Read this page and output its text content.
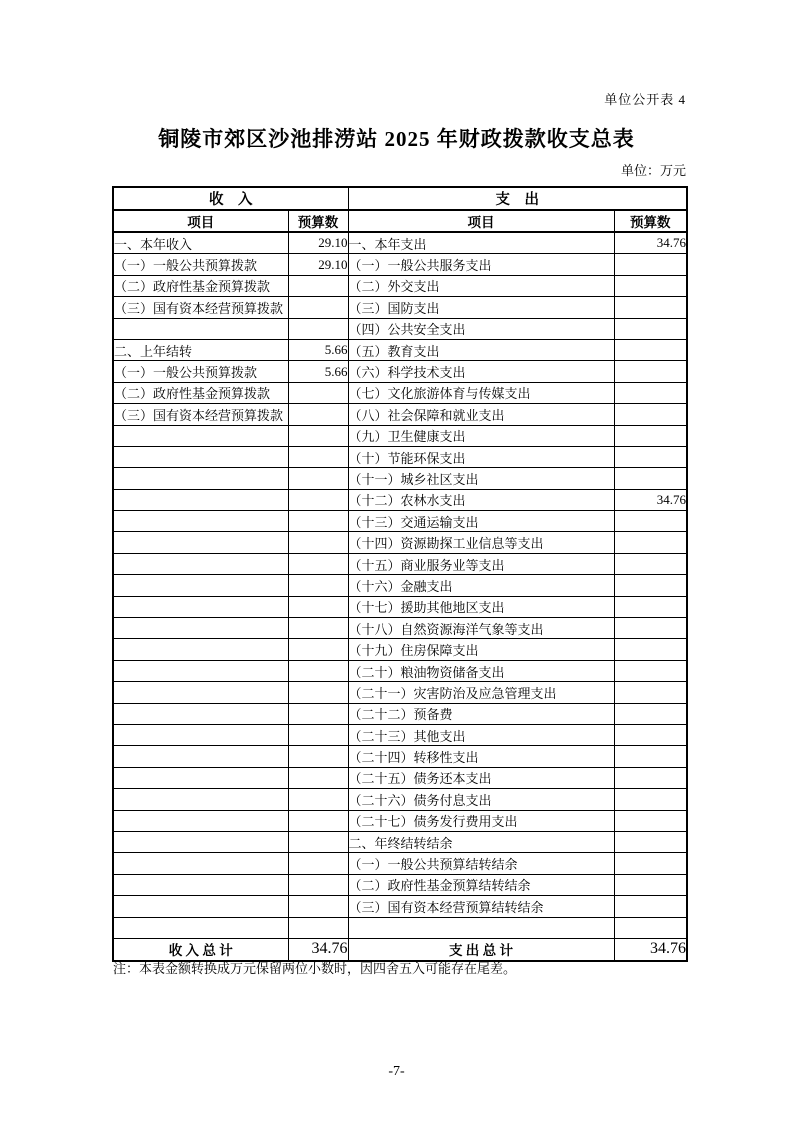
单位公开表 4
铜陵市郊区沙池排涝站 2025 年财政拨款收支总表
单位：万元
收　入		支　出	
项目	预算数	项目	预算数
一、本年收入	29.10	一、本年支出	34.76
（一）一般公共预算拨款	29.10	（一）一般公共服务支出	
（二）政府性基金预算拨款		（二）外交支出	
（三）国有资本经营预算拨款		（三）国防支出	
		（四）公共安全支出	
二、上年结转	5.66	（五）教育支出	
（一）一般公共预算拨款	5.66	（六）科学技术支出	
（二）政府性基金预算拨款		（七）文化旅游体育与传媒支出	
（三）国有资本经营预算拨款		（八）社会保障和就业支出	
		（九）卫生健康支出	
		（十）节能环保支出	
		（十一）城乡社区支出	
		（十二）农林水支出	34.76
		（十三）交通运输支出	
		（十四）资源勘探工业信息等支出	
		（十五）商业服务业等支出	
		（十六）金融支出	
		（十七）援助其他地区支出	
		（十八）自然资源海洋气象等支出	
		（十九）住房保障支出	
		（二十）粮油物资储备支出	
		（二十一）灾害防治及应急管理支出	
		（二十二）预备费	
		（二十三）其他支出	
		（二十四）转移性支出	
		（二十五）债务还本支出	
		（二十六）债务付息支出	
		（二十七）债务发行费用支出	
		二、年终结转结余	
		（一）一般公共预算结转结余	
		（二）政府性基金预算结转结余	
		（三）国有资本经营预算结转结余	

收 入 总 计	34.76	支 出 总 计	34.76
注：本表金额转换成万元保留两位小数时，因四舍五入可能存在尾差。
-7-
